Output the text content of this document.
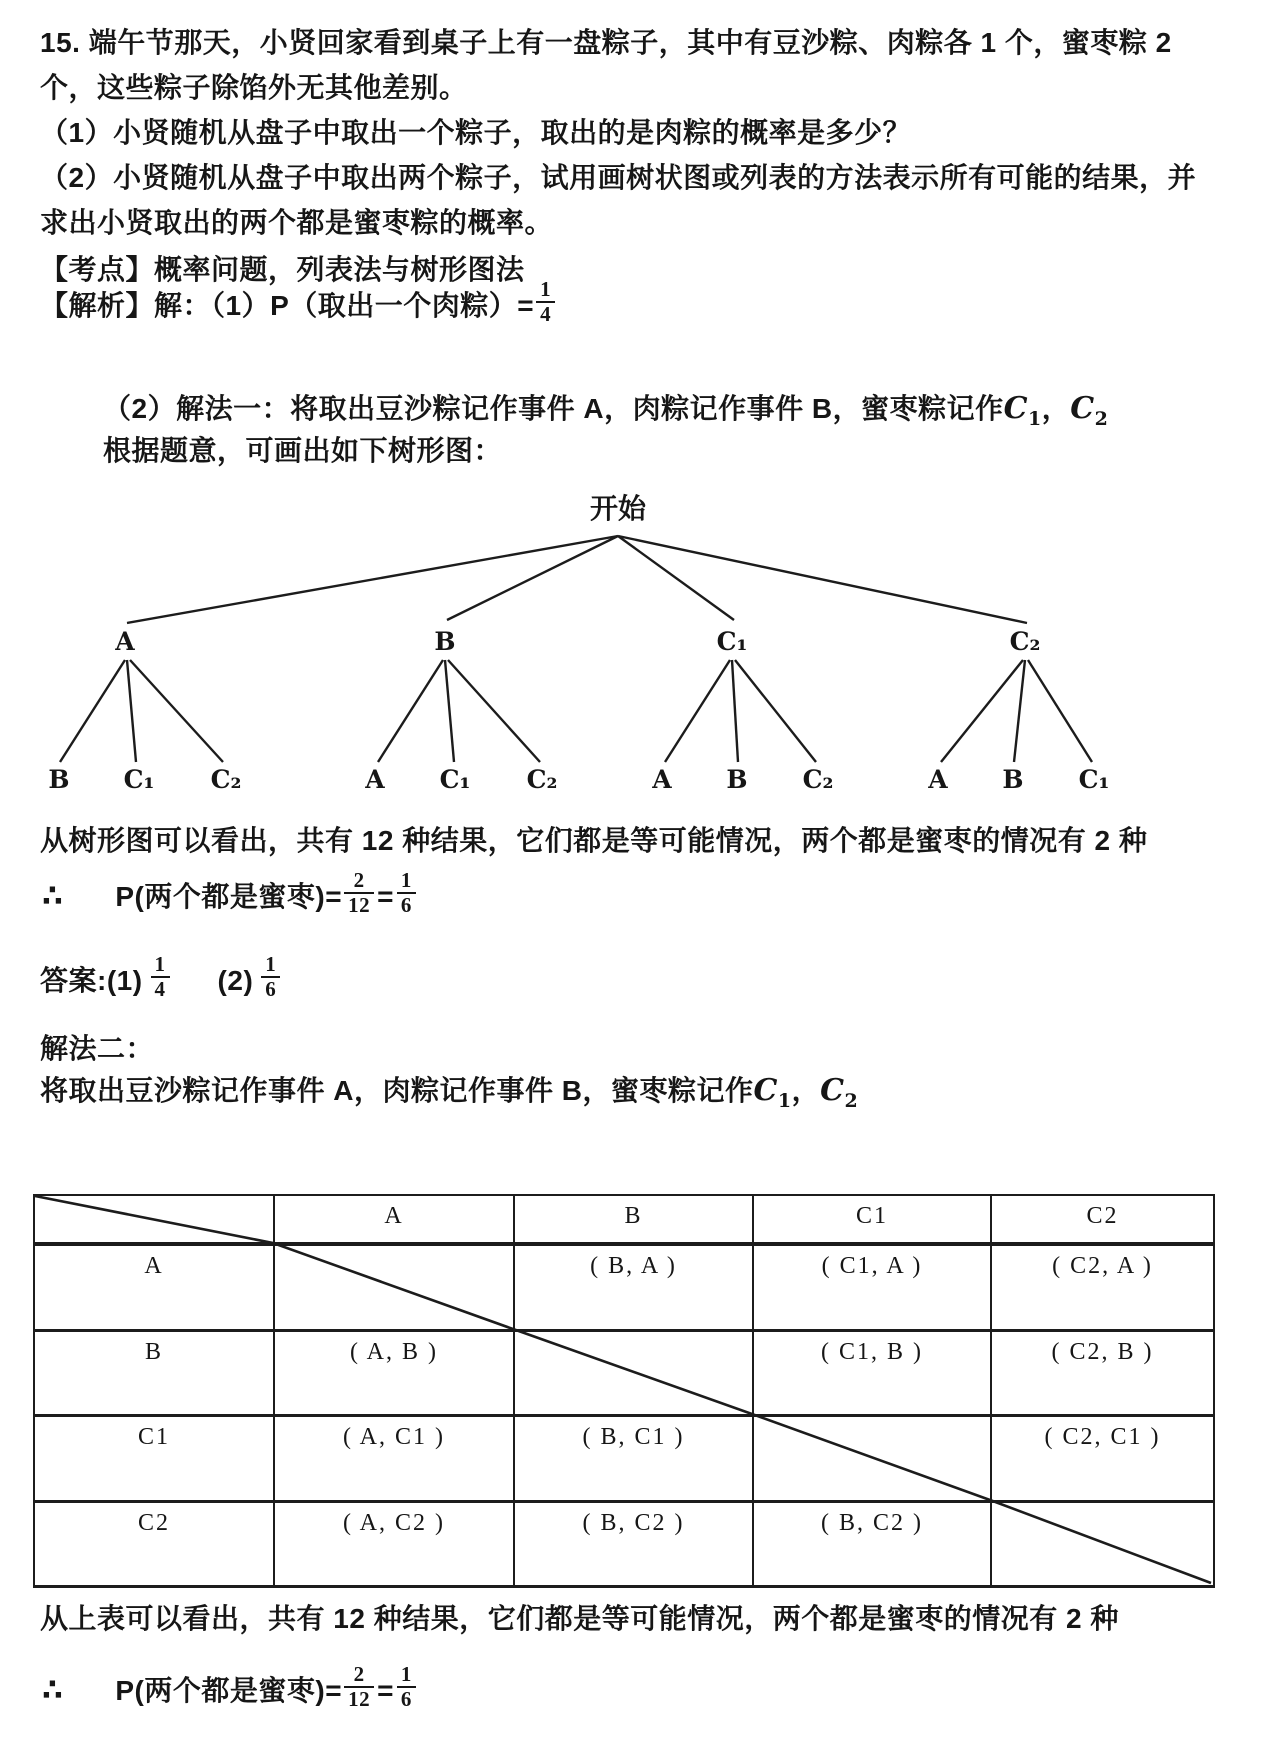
15. 端午节那天，小贤回家看到桌子上有一盘粽子，其中有豆沙粽、肉粽各 1 个，蜜枣粽 2 个，这些粽子除馅外无其他差别。
（1）小贤随机从盘子中取出一个粽子，取出的是肉粽的概率是多少？
（2）小贤随机从盘子中取出两个粽子，试用画树状图或列表的方法表示所有可能的结果，并求出小贤取出的两个都是蜜枣粽的概率。
【考点】概率问题，列表法与树形图法
【解析】解：（1）P（取出一个肉粽）= $\frac{1}{4}$
（2）解法一：将取出豆沙粽记作事件 A，肉粽记作事件 B，蜜枣粽记作$C_1$，$C_2$
根据题意，可画出如下树形图：
开始
A	B	C₁	C₂
B C₁ C₂	A C₁ C₂	A B C₂	A B C₁
从树形图可以看出，共有 12 种结果，它们都是等可能情况，两个都是蜜枣的情况有 2 种
∴ P(两个都是蜜枣)= $\frac{2}{12} = \frac{1}{6}$
答案:(1) $\frac{1}{4} (2) \frac{1}{6}$
解法二：
将取出豆沙粽记作事件 A，肉粽记作事件 B，蜜枣粽记作$C_1$，$C_2$
	A	B	C1	C2
A		( B, A )	( C1, A )	( C2, A )
B	( A, B )		( C1, B )	( C2, B )
C1	( A, C1 )	( B, C1 )		( C2, C1 )
C2	( A, C2 )	( B, C2 )	( B, C2 )	
从上表可以看出，共有 12 种结果，它们都是等可能情况，两个都是蜜枣的情况有 2 种
∴ P(两个都是蜜枣)= $\frac{2}{12} = \frac{1}{6}$
